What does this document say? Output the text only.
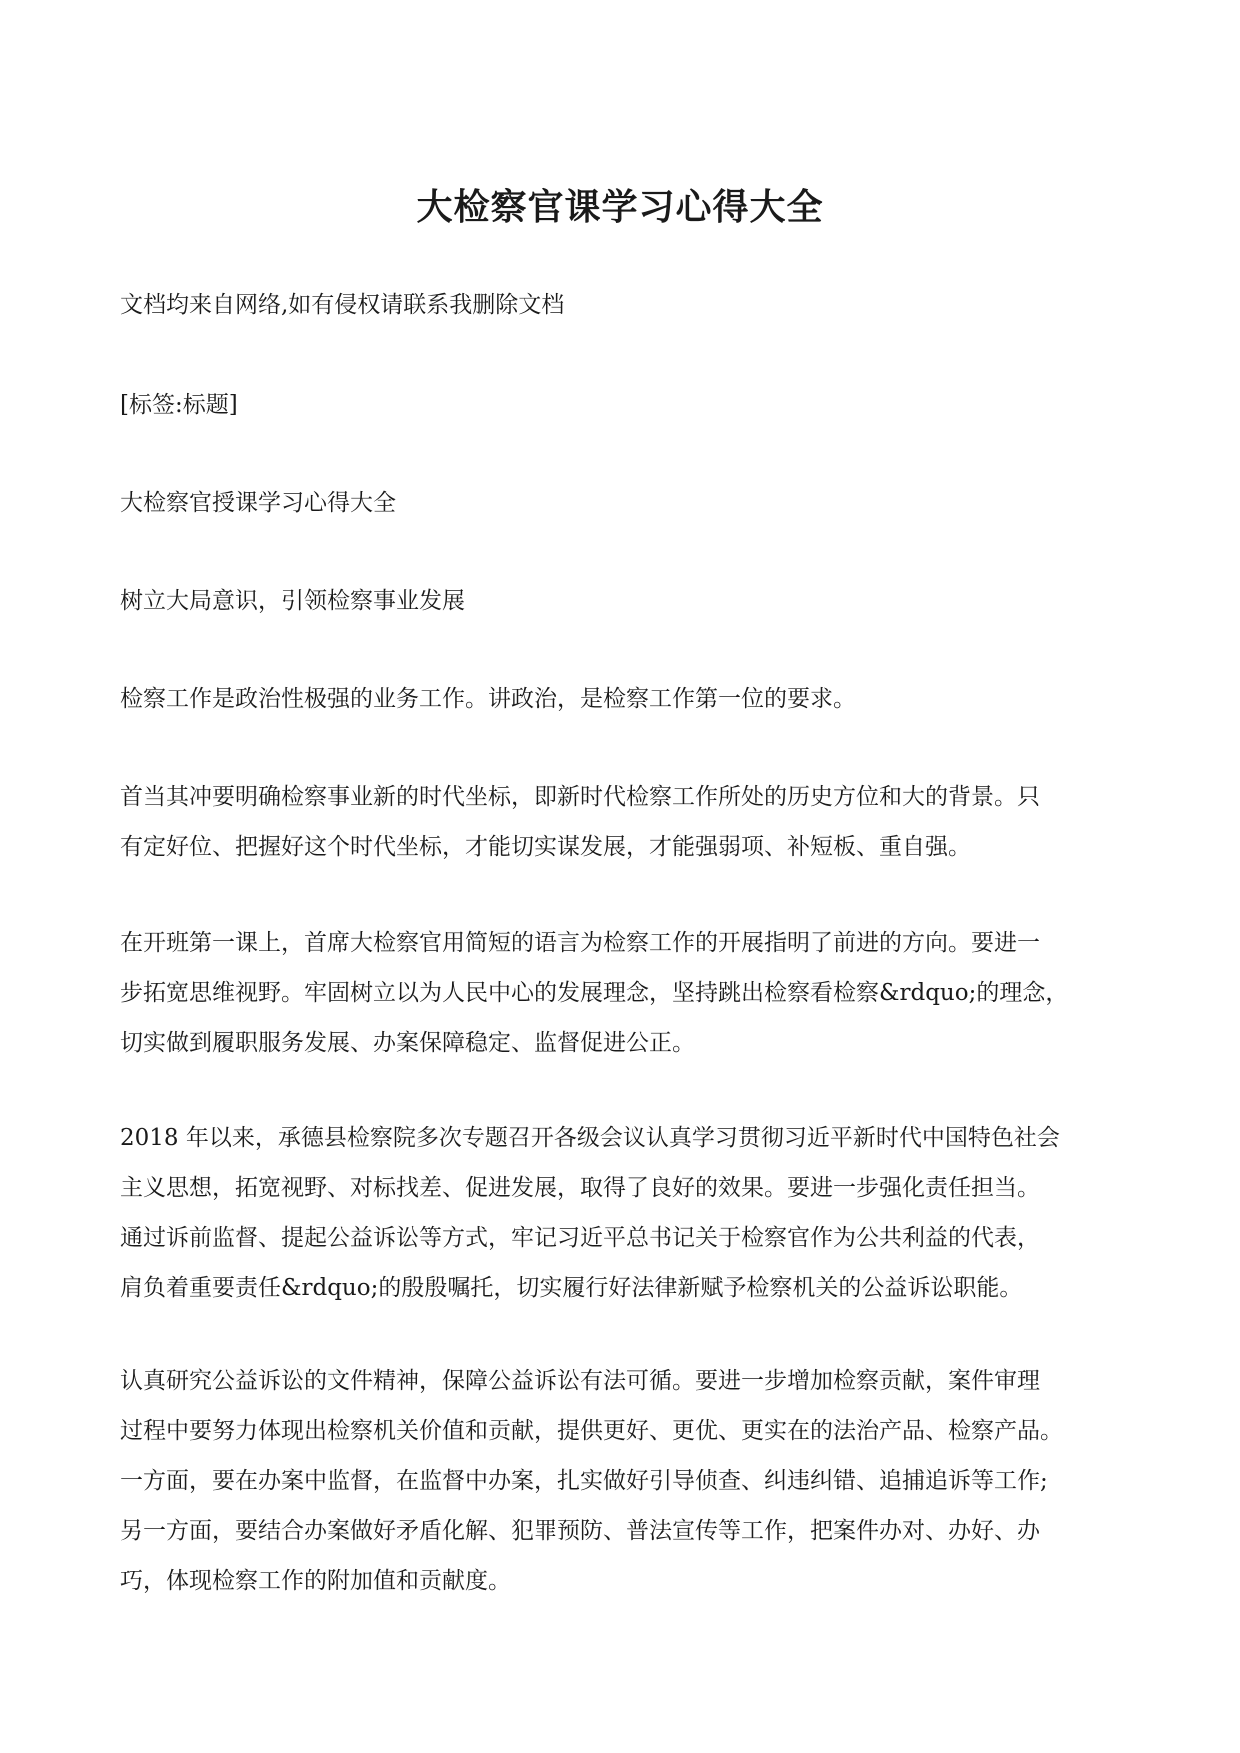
大检察官课学习心得大全

文档均来自网络,如有侵权请联系我删除文档

[标签:标题]

大检察官授课学习心得大全

树立大局意识，引领检察事业发展

检察工作是政治性极强的业务工作。讲政治，是检察工作第一位的要求。

首当其冲要明确检察事业新的时代坐标，即新时代检察工作所处的历史方位和大的背景。只
有定好位、把握好这个时代坐标，才能切实谋发展，才能强弱项、补短板、重自强。

在开班第一课上，首席大检察官用简短的语言为检察工作的开展指明了前进的方向。要进一
步拓宽思维视野。牢固树立以为人民中心的发展理念，坚持跳出检察看检察&rdquo;的理念，
切实做到履职服务发展、办案保障稳定、监督促进公正。

2018 年以来，承德县检察院多次专题召开各级会议认真学习贯彻习近平新时代中国特色社会
主义思想，拓宽视野、对标找差、促进发展，取得了良好的效果。要进一步强化责任担当。
通过诉前监督、提起公益诉讼等方式，牢记习近平总书记关于检察官作为公共利益的代表，
肩负着重要责任&rdquo;的殷殷嘱托，切实履行好法律新赋予检察机关的公益诉讼职能。

认真研究公益诉讼的文件精神，保障公益诉讼有法可循。要进一步增加检察贡献，案件审理
过程中要努力体现出检察机关价值和贡献，提供更好、更优、更实在的法治产品、检察产品。
一方面，要在办案中监督，在监督中办案，扎实做好引导侦查、纠违纠错、追捕追诉等工作;
另一方面，要结合办案做好矛盾化解、犯罪预防、普法宣传等工作，把案件办对、办好、办
巧，体现检察工作的附加值和贡献度。
